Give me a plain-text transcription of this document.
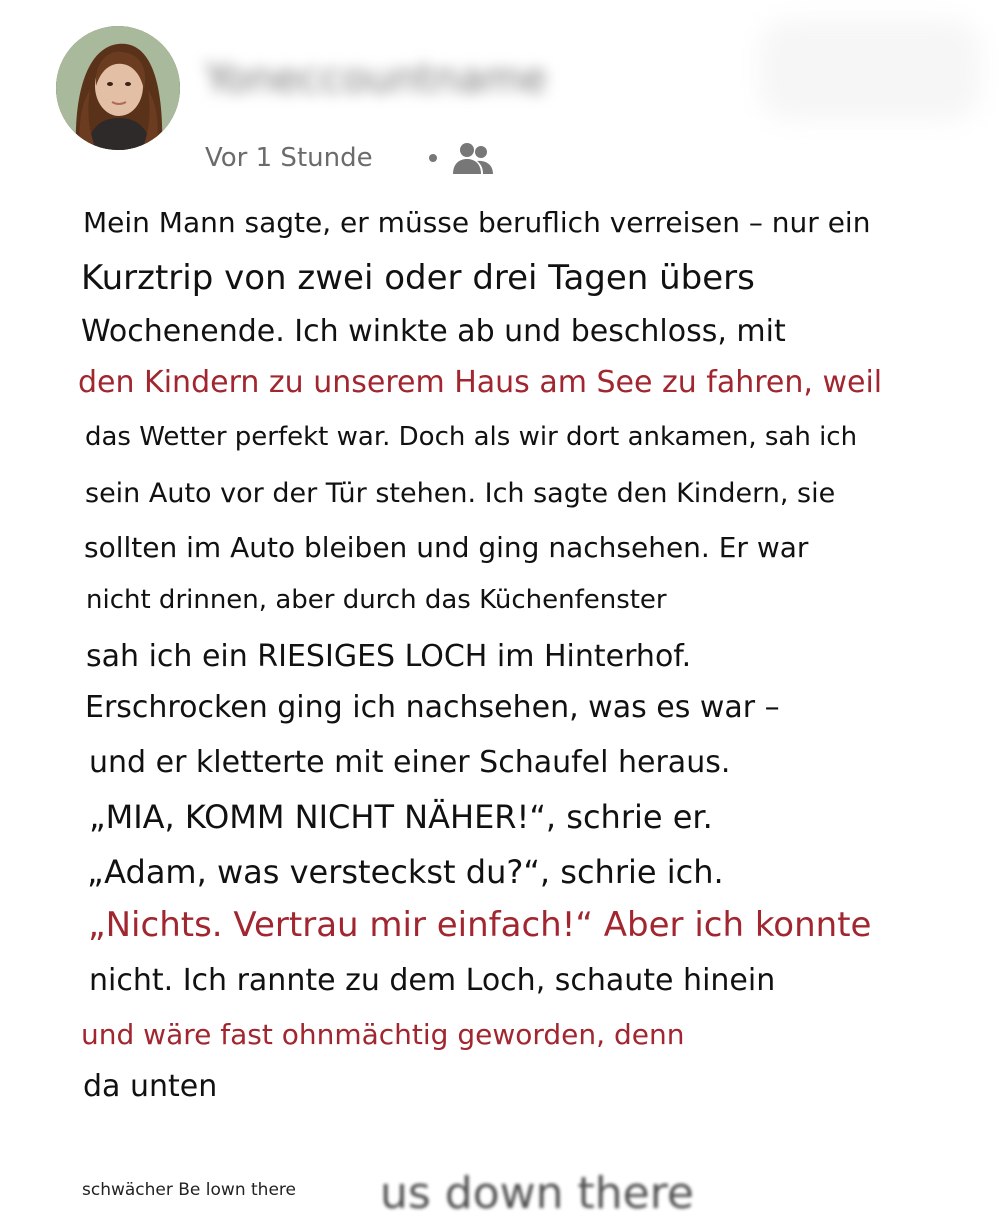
Yoneccountname
Vor 1 Stunde
Mein Mann sagte, er müsse beruflich verreisen – nur ein
Kurztrip von zwei oder drei Tagen übers
Wochenende. Ich winkte ab und beschloss, mit
den Kindern zu unserem Haus am See zu fahren, weil
das Wetter perfekt war. Doch als wir dort ankamen, sah ich
sein Auto vor der Tür stehen. Ich sagte den Kindern, sie
sollten im Auto bleiben und ging nachsehen. Er war
nicht drinnen, aber durch das Küchenfenster
sah ich ein RIESIGES LOCH im Hinterhof.
Erschrocken ging ich nachsehen, was es war –
und er kletterte mit einer Schaufel heraus.
„MIA, KOMM NICHT NÄHER!“, schrie er.
„Adam, was versteckst du?“, schrie ich.
„Nichts. Vertrau mir einfach!“ Aber ich konnte
nicht. Ich rannte zu dem Loch, schaute hinein
und wäre fast ohnmächtig geworden, denn
da unten
us down there
schwächer Be lown there
